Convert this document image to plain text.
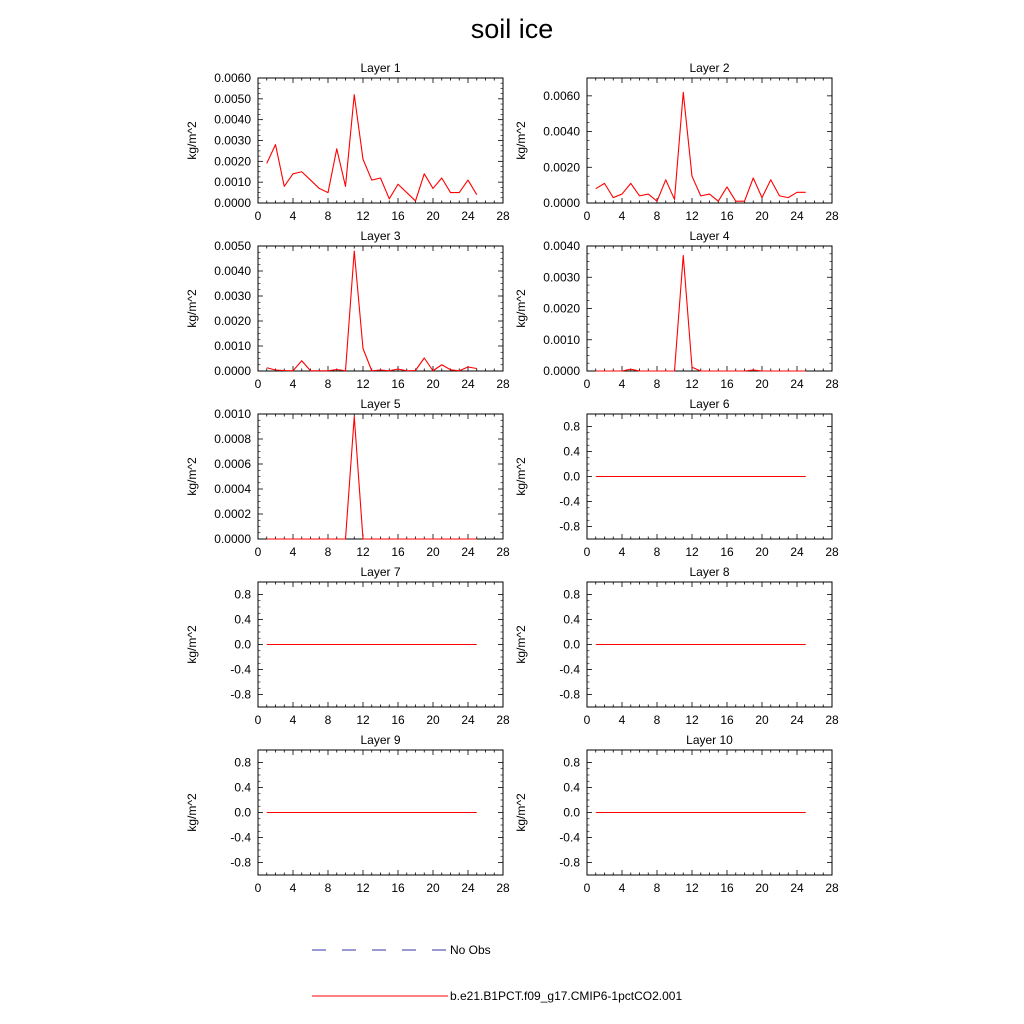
soil ice
Layer 1
kg/m^2
0 4 8 12 16 20 24 28
0.0000
0.0010
0.0020
0.0030
0.0040
0.0050
0.0060
Layer 2
kg/m^2
0 4 8 12 16 20 24 28
0.0000
0.0020
0.0040
0.0060
Layer 3
kg/m^2
0 4 8 12 16 20 24 28
0.0000
0.0010
0.0020
0.0030
0.0040
0.0050
Layer 4
kg/m^2
0 4 8 12 16 20 24 28
0.0000
0.0010
0.0020
0.0030
0.0040
Layer 5
kg/m^2
0 4 8 12 16 20 24 28
0.0000
0.0002
0.0004
0.0006
0.0008
0.0010
Layer 6
kg/m^2
0 4 8 12 16 20 24 28
-0.8
-0.4
0.0
0.4
0.8
Layer 7
kg/m^2
0 4 8 12 16 20 24 28
-0.8
-0.4
0.0
0.4
0.8
Layer 8
kg/m^2
0 4 8 12 16 20 24 28
-0.8
-0.4
0.0
0.4
0.8
Layer 9
kg/m^2
0 4 8 12 16 20 24 28
-0.8
-0.4
0.0
0.4
0.8
Layer 10
kg/m^2
0 4 8 12 16 20 24 28
-0.8
-0.4
0.0
0.4
0.8
No Obs
b.e21.B1PCT.f09_g17.CMIP6-1pctCO2.001
